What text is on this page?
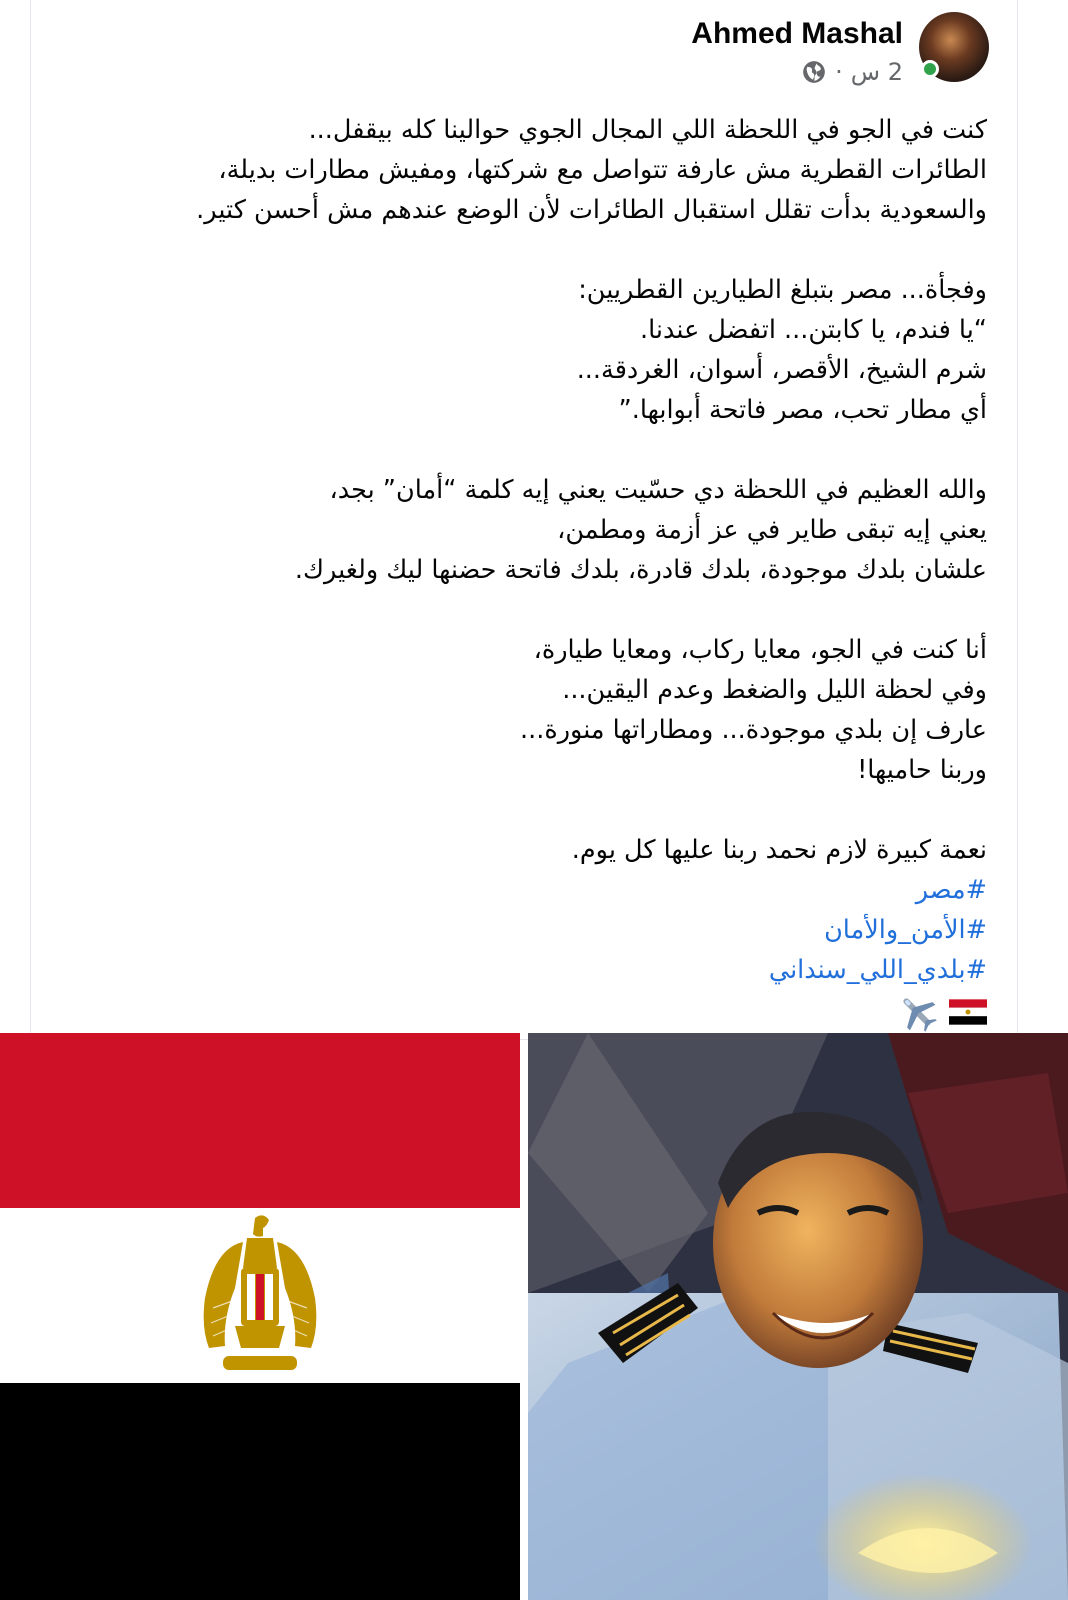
Ahmed Mashal
2 س
·
كنت في الجو في اللحظة اللي المجال الجوي حوالينا كله بيقفل...
الطائرات القطرية مش عارفة تتواصل مع شركتها، ومفيش مطارات بديلة،
والسعودية بدأت تقلل استقبال الطائرات لأن الوضع عندهم مش أحسن كتير.
وفجأة... مصر بتبلغ الطيارين القطريين:
“يا فندم، يا كابتن... اتفضل عندنا.
شرم الشيخ، الأقصر، أسوان، الغردقة...
أي مطار تحب، مصر فاتحة أبوابها.”
والله العظيم في اللحظة دي حسّيت يعني إيه كلمة “أمان” بجد،
يعني إيه تبقى طاير في عز أزمة ومطمن،
علشان بلدك موجودة، بلدك قادرة، بلدك فاتحة حضنها ليك ولغيرك.
أنا كنت في الجو، معايا ركاب، ومعايا طيارة،
وفي لحظة الليل والضغط وعدم اليقين...
عارف إن بلدي موجودة... ومطاراتها منورة...
وربنا حاميها!
نعمة كبيرة لازم نحمد ربنا عليها كل يوم.
#مصر
#الأمن_والأمان
#بلدي_اللي_سنداني
